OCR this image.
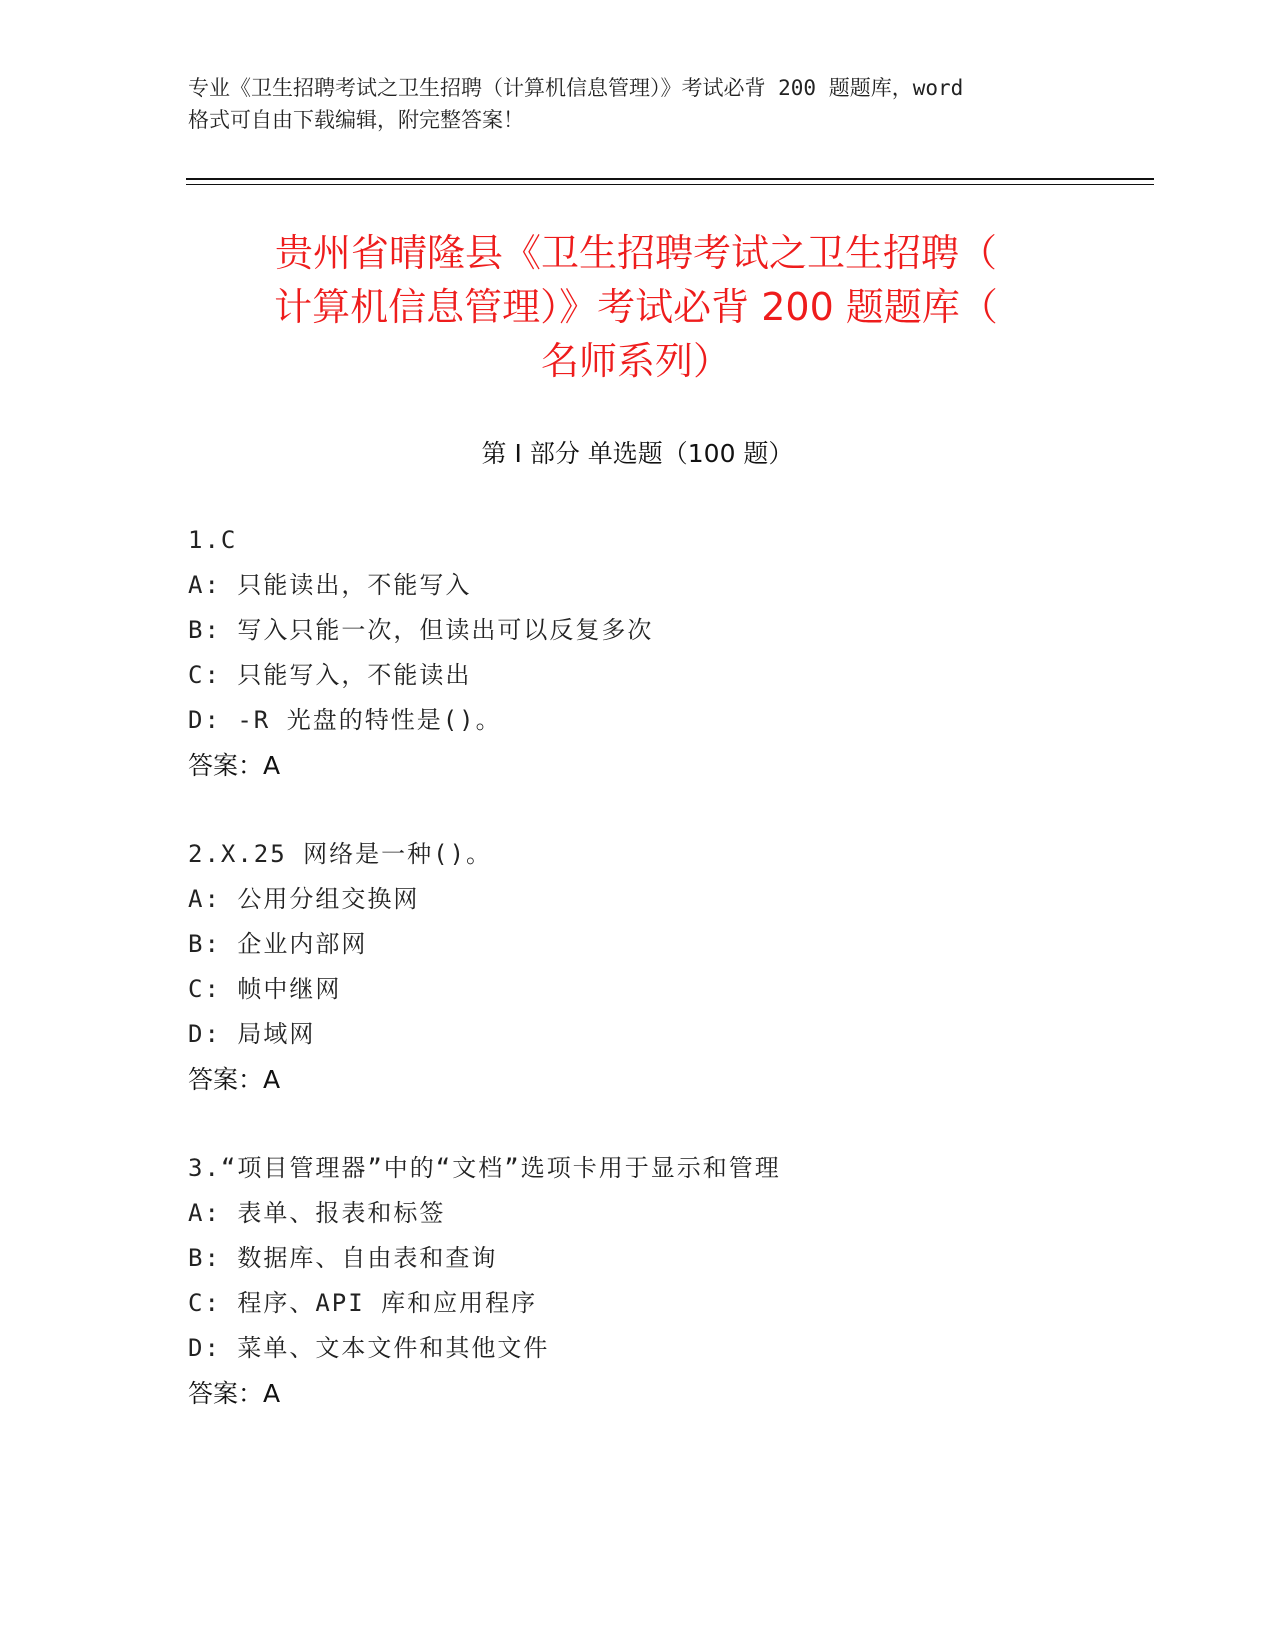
专业《卫生招聘考试之卫生招聘（计算机信息管理）》考试必背 200 题题库，word
格式可自由下载编辑，附完整答案！
贵州省晴隆县《卫生招聘考试之卫生招聘（
计算机信息管理）》考试必背 200 题题库（
名师系列）
第 I 部分 单选题（100 题）
1.C
A: 只能读出，不能写入
B: 写入只能一次，但读出可以反复多次
C: 只能写入，不能读出
D: -R 光盘的特性是()。
答案：A
2.X.25 网络是一种()。
A: 公用分组交换网
B: 企业内部网
C: 帧中继网
D: 局域网
答案：A
3.“项目管理器”中的“文档”选项卡用于显示和管理
A: 表单、报表和标签
B: 数据库、自由表和查询
C: 程序、API 库和应用程序
D: 菜单、文本文件和其他文件
答案：A
